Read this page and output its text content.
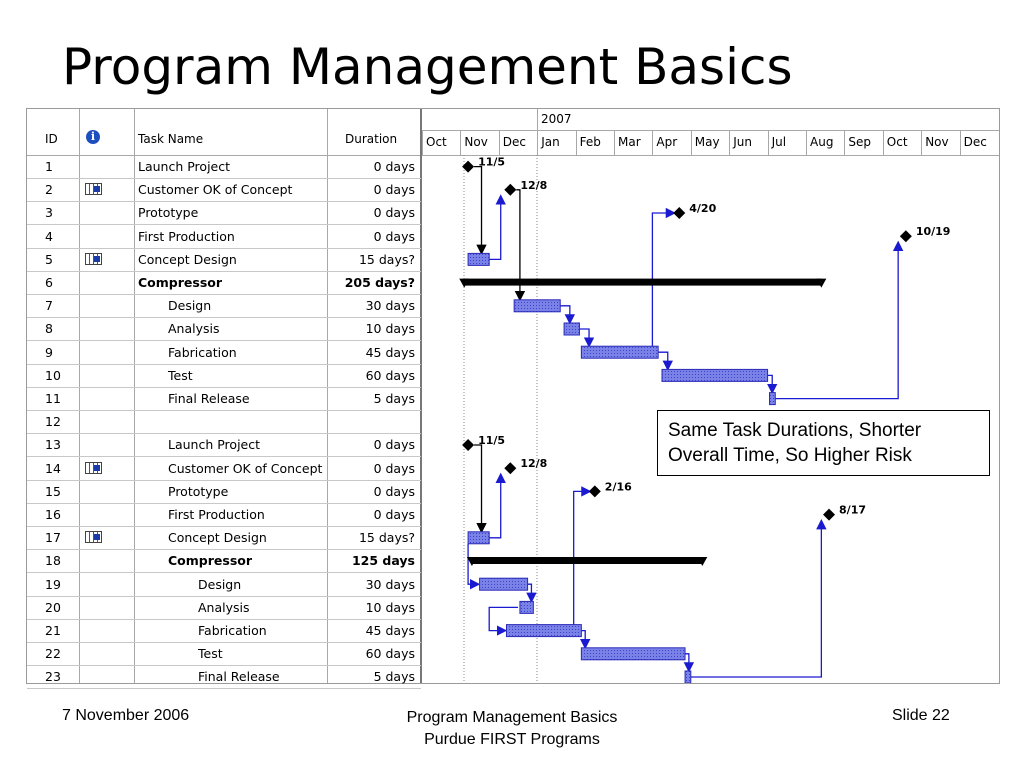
Program Management Basics
ID	i	Task Name	Duration
1	Launch Project	0 days
2	Customer OK of Concept	0 days
3	Prototype	0 days
4	First Production	0 days
5	Concept Design	15 days?
6	Compressor	205 days?
7	Design	30 days
8	Analysis	10 days
9	Fabrication	45 days
10	Test	60 days
11	Final Release	5 days
12
13	Launch Project	0 days
14	Customer OK of Concept	0 days
15	Prototype	0 days
16	First Production	0 days
17	Concept Design	15 days?
18	Compressor	125 days
19	Design	30 days
20	Analysis	10 days
21	Fabrication	45 days
22	Test	60 days
23	Final Release	5 days
2007
Oct	Nov	Dec	Jan	Feb	Mar	Apr	May	Jun	Jul	Aug	Sep	Oct	Nov	Dec
11/5
12/8
4/20
10/19
11/5
12/8
2/16
8/17
Same Task Durations, Shorter Overall Time, So Higher Risk
7 November 2006	Program Management Basics
Purdue FIRST Programs
Slide 22
